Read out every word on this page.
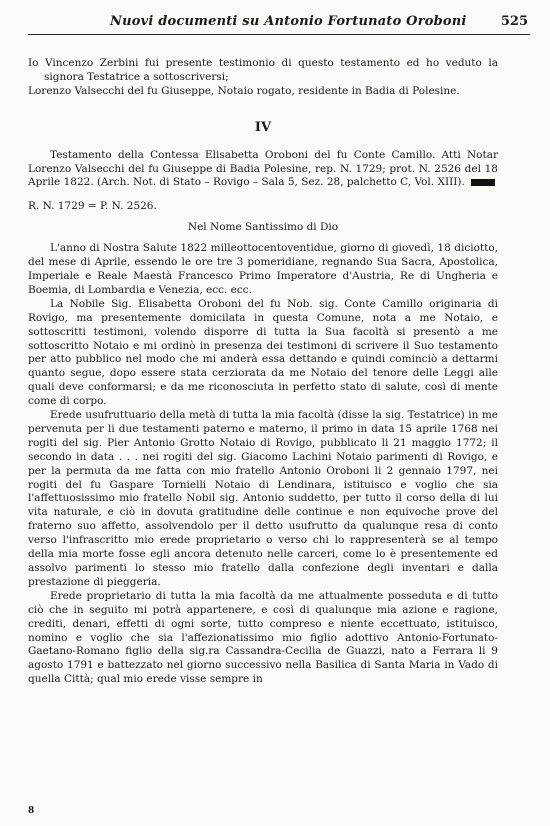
Nuovi documenti su Antonio Fortunato Oroboni	525

Io Vincenzo Zerbini fui presente testimonio di questo testamento ed ho veduto la signora Testatrice a sottoscriversi;

Lorenzo Valsecchi del fu Giuseppe, Notaio rogato, residente in Badia di Polesine.

IV

Testamento della Contessa Elisabetta Oroboni del fu Conte Camillo. Atti Notar Lorenzo Valsecchi del fu Giuseppe di Badia Polesine, rep. N. 1729; prot. N. 2526 del 18 Aprile 1822. (Arch. Not. di Stato – Rovigo – Sala 5, Sez. 28, palchetto C, Vol. XIII).

R. N. 1729 = P. N. 2526.

Nel Nome Santissimo di Dio

L'anno di Nostra Salute 1822 milleottocentoventidue, giorno di giovedì, 18 diciotto, del mese di Aprile, essendo le ore tre 3 pomeridiane, regnando Sua Sacra, Apostolica, Imperiale e Reale Maestà Francesco Primo Imperatore d'Austria, Re di Ungheria e Boemia, di Lombardia e Venezia, ecc. ecc.

La Nobile Sig. Elisabetta Oroboni del fu Nob. sig. Conte Camillo originaria di Rovigo, ma presentemente domicilata in questa Comune, nota a me Notaio, e sottoscritti testimoni, volendo disporre di tutta la Sua facoltà si presentò a me sottoscritto Notaio e mi ordinò in presenza dei testimoni di scrivere il Suo testamento per atto pubblico nel modo che mi anderà essa dettando e quindi cominciò a dettarmi quanto segue, dopo essere stata cerziorata da me Notaio del tenore delle Leggi alle quali deve conformarsi; e da me riconosciuta in perfetto stato di salute, così di mente come di corpo.

Erede usufruttuario della metà di tutta la mia facoltà (disse la sig. Testatrice) in me pervenuta per li due testamenti paterno e materno, il primo in data 15 aprile 1768 nei rogiti del sig. Pier Antonio Grotto Notaio di Rovigo, pubblicato li 21 maggio 1772; il secondo in data . . . nei rogiti del sig. Giacomo Lachini Notaio parimenti di Rovigo, e per la permuta da me fatta con mio fratello Antonio Oroboni li 2 gennaio 1797, nei rogiti del fu Gaspare Tornielli Notaio di Lendinara, istituisco e voglio che sia l'affettuosissimo mio fratello Nobil sig. Antonio suddetto, per tutto il corso della di lui vita naturale, e ciò in dovuta gratitudine delle continue e non equivoche prove del fraterno suo affetto, assolvendolo per il detto usufrutto da qualunque resa di conto verso l'infrascritto mio erede proprietario o verso chi lo rappresenterà se al tempo della mia morte fosse egli ancora detenuto nelle carceri, come lo è presentemente ed assolvo parimenti lo stesso mio fratello dalla confezione degli inventari e dalla prestazione di pieggeria.

Erede proprietario di tutta la mia facoltà da me attualmente posseduta e di tutto ciò che in seguito mi potrà appartenere, e così di qualunque mia azione e ragione, crediti, denari, effetti di ogni sorte, tutto compreso e niente eccettuato, istituisco, nomino e voglio che sia l'affezionatissimo mio figlio adottivo Antonio-Fortunato-Gaetano-Romano figlio della sig.ra Cassandra-Cecilia de Guazzi, nato a Ferrara li 9 agosto 1791 e battezzato nel giorno successivo nella Basilica di Santa Maria in Vado di quella Città; qual mio erede visse sempre in

8
